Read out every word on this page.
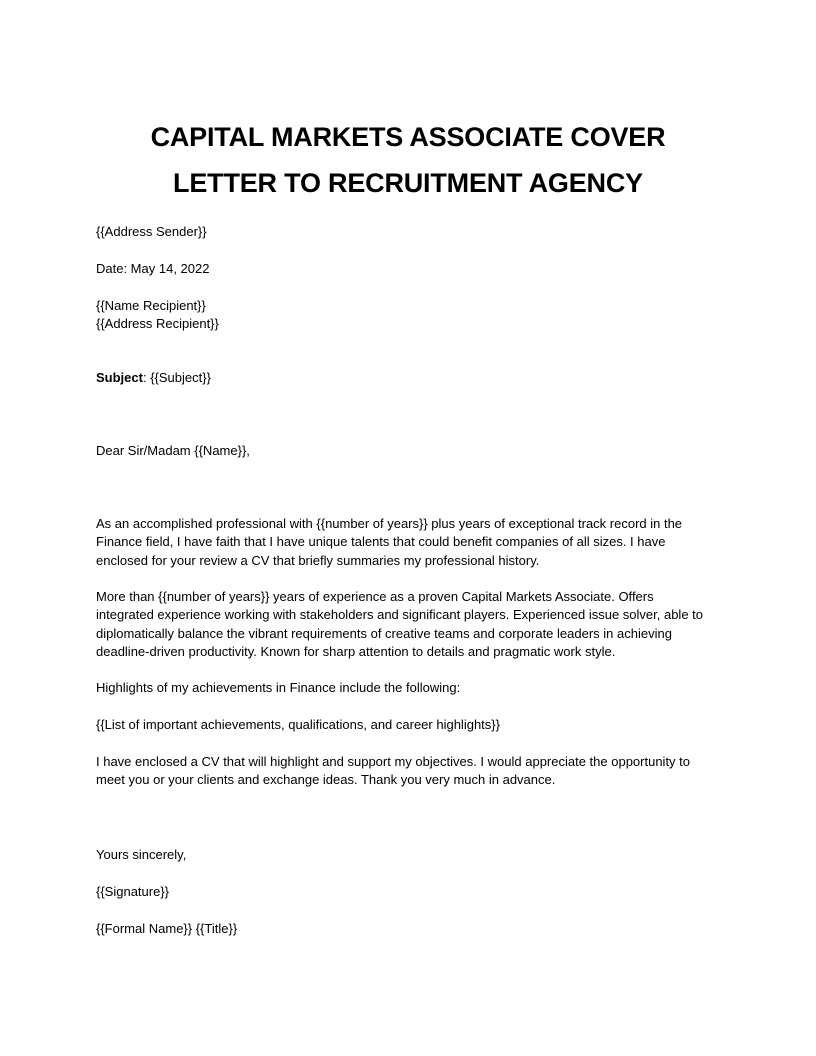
CAPITAL MARKETS ASSOCIATE COVER
LETTER TO RECRUITMENT AGENCY
{{Address Sender}}
Date: May 14, 2022
{{Name Recipient}}
{{Address Recipient}}
Subject: {{Subject}}
Dear Sir/Madam {{Name}},
As an accomplished professional with {{number of years}} plus years of exceptional track record in the
Finance field, I have faith that I have unique talents that could benefit companies of all sizes. I have
enclosed for your review a CV that briefly summaries my professional history.
More than {{number of years}} years of experience as a proven Capital Markets Associate. Offers
integrated experience working with stakeholders and significant players. Experienced issue solver, able to
diplomatically balance the vibrant requirements of creative teams and corporate leaders in achieving
deadline-driven productivity. Known for sharp attention to details and pragmatic work style.
Highlights of my achievements in Finance include the following:
{{List of important achievements, qualifications, and career highlights}}
I have enclosed a CV that will highlight and support my objectives. I would appreciate the opportunity to
meet you or your clients and exchange ideas. Thank you very much in advance.
Yours sincerely,
{{Signature}}
{{Formal Name}} {{Title}}
